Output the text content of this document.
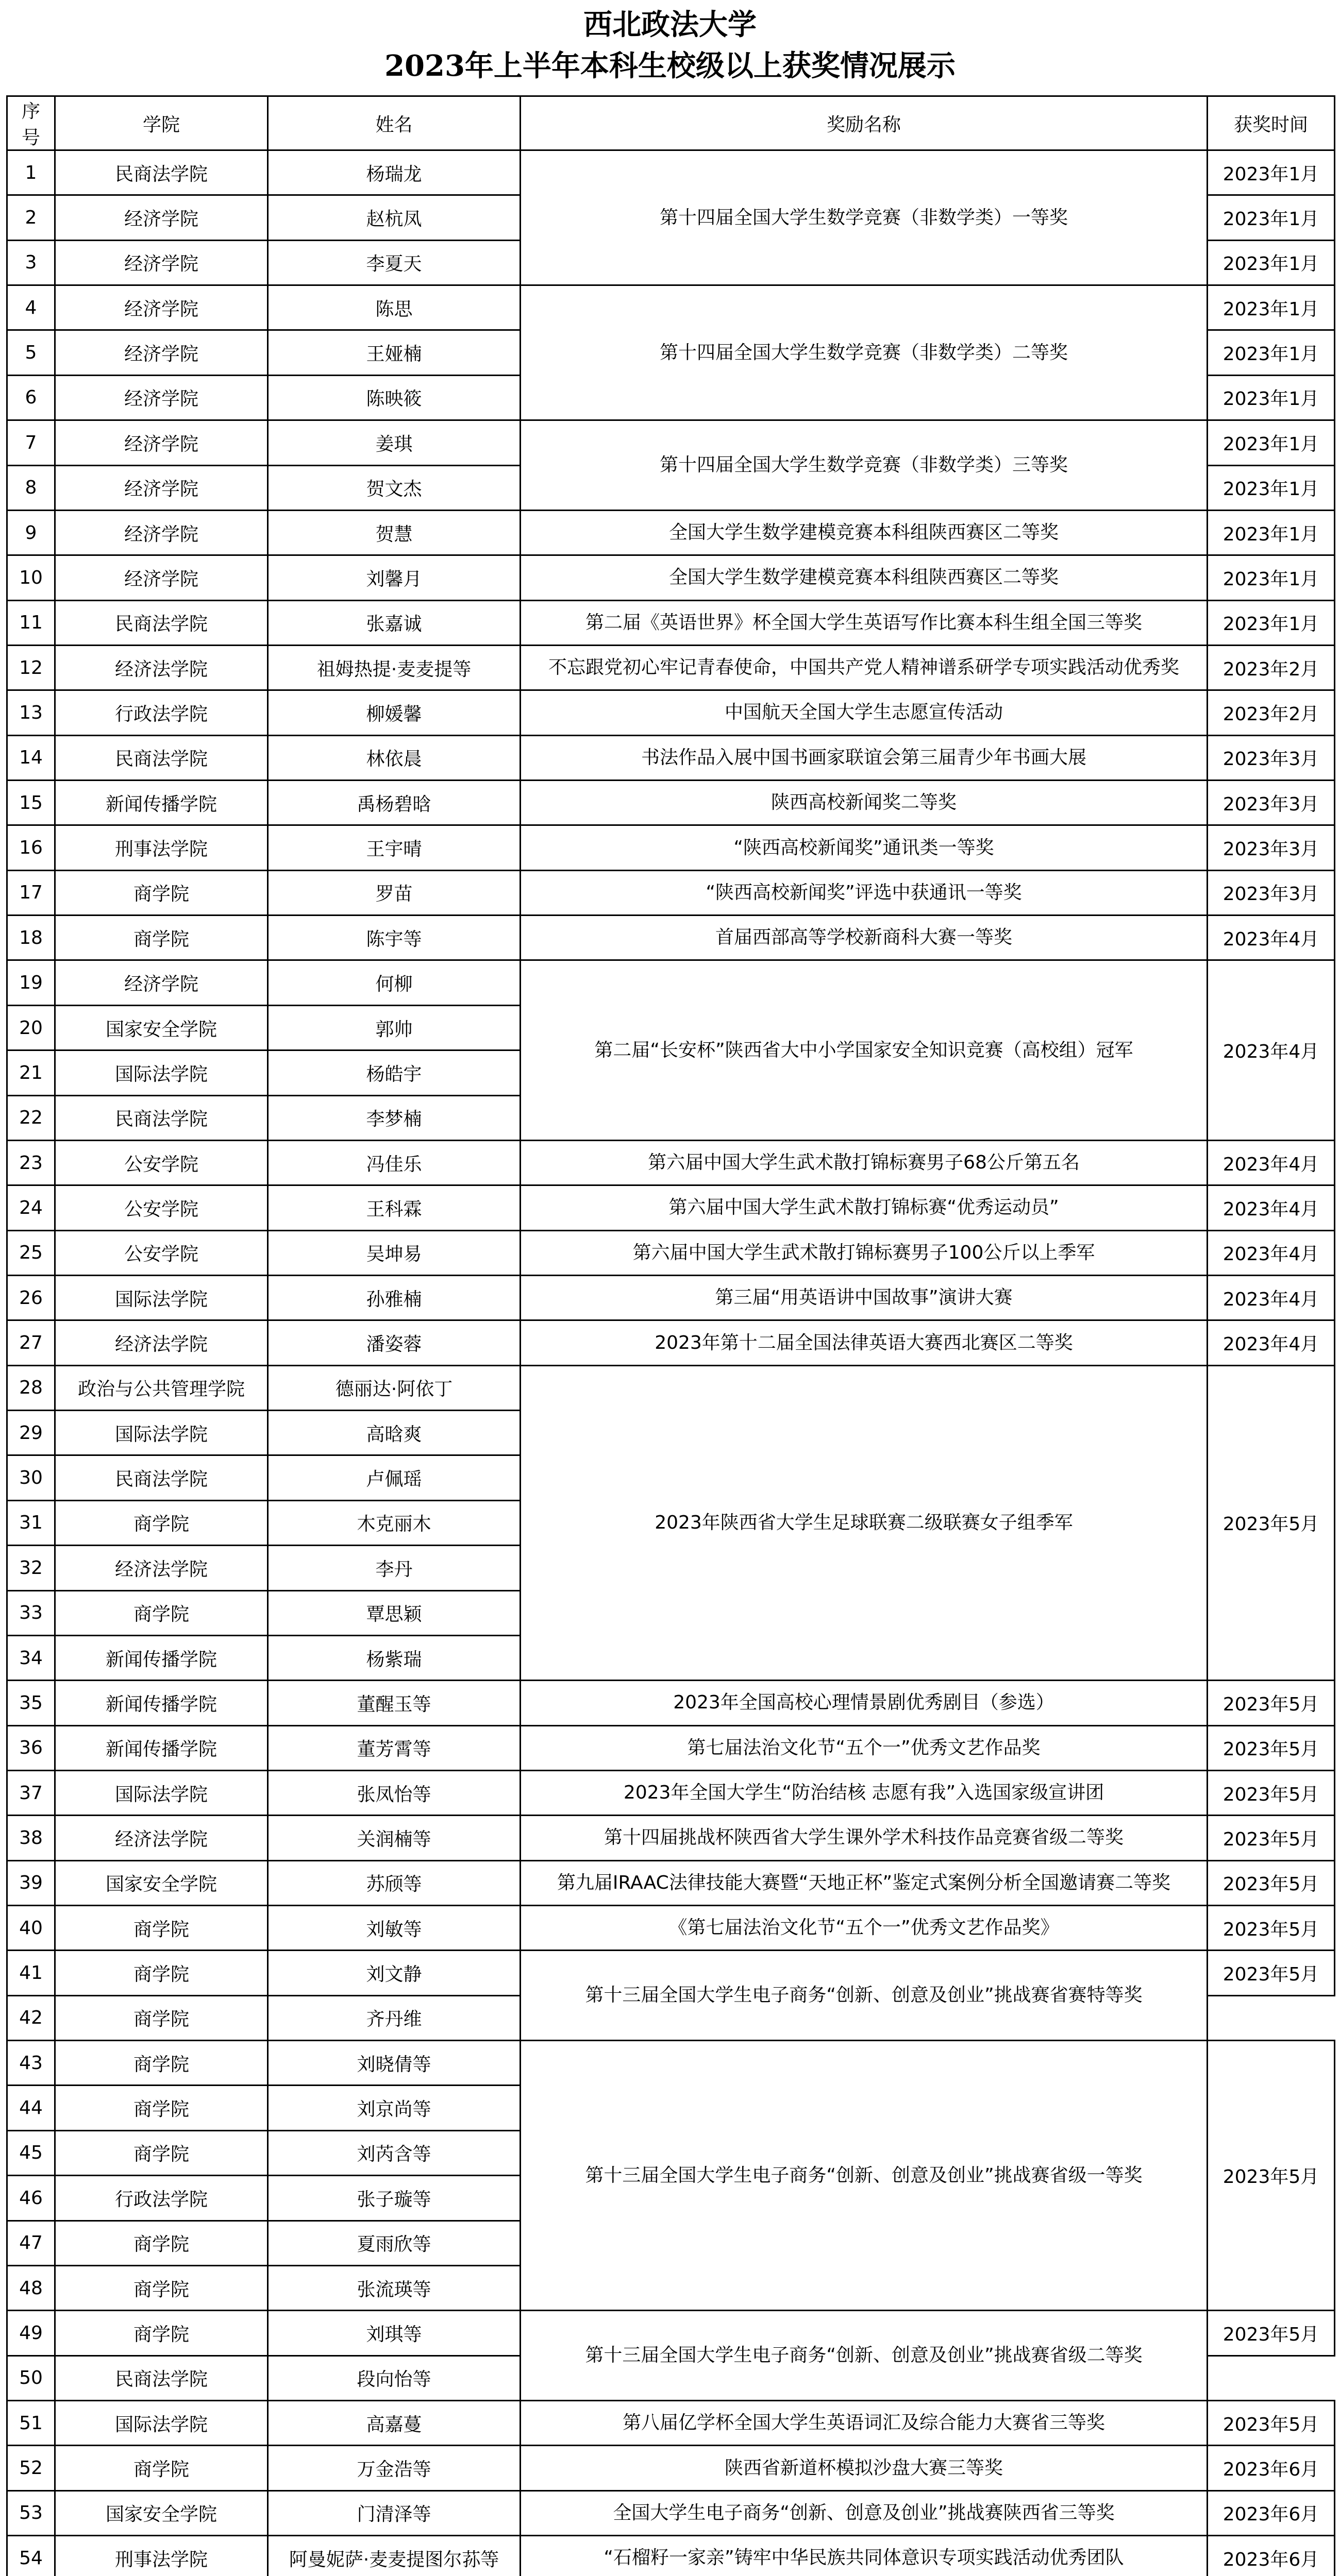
西北政法大学
2023年上半年本科生校级以上获奖情况展示
序号	学院	姓名	奖励名称	获奖时间
1	民商法学院	杨瑞龙	第十四届全国大学生数学竞赛（非数学类）一等奖	2023年1月
2	经济学院	赵杭凤		2023年1月
3	经济学院	李夏天		2023年1月
4	经济学院	陈思	第十四届全国大学生数学竞赛（非数学类）二等奖	2023年1月
5	经济学院	王娅楠		2023年1月
6	经济学院	陈映筱		2023年1月
7	经济学院	姜琪	第十四届全国大学生数学竞赛（非数学类）三等奖	2023年1月
8	经济学院	贺文杰		2023年1月
9	经济学院	贺慧	全国大学生数学建模竞赛本科组陕西赛区二等奖	2023年1月
10	经济学院	刘馨月	全国大学生数学建模竞赛本科组陕西赛区二等奖	2023年1月
11	民商法学院	张嘉诚	第二届《英语世界》杯全国大学生英语写作比赛本科生组全国三等奖	2023年1月
12	经济法学院	祖姆热提·麦麦提等	不忘跟党初心牢记青春使命，中国共产党人精神谱系研学专项实践活动优秀奖	2023年2月
13	行政法学院	柳媛馨	中国航天全国大学生志愿宣传活动	2023年2月
14	民商法学院	林依晨	书法作品入展中国书画家联谊会第三届青少年书画大展	2023年3月
15	新闻传播学院	禹杨碧晗	陕西高校新闻奖二等奖	2023年3月
16	刑事法学院	王宇晴	“陕西高校新闻奖”通讯类一等奖	2023年3月
17	商学院	罗苗	“陕西高校新闻奖”评选中获通讯一等奖	2023年3月
18	商学院	陈宇等	首届西部高等学校新商科大赛一等奖	2023年4月
19	经济学院	何柳	第二届“长安杯”陕西省大中小学国家安全知识竞赛（高校组）冠军	2023年4月
20	国家安全学院	郭帅		
21	国际法学院	杨皓宇		
22	民商法学院	李梦楠		
23	公安学院	冯佳乐	第六届中国大学生武术散打锦标赛男子68公斤第五名	2023年4月
24	公安学院	王科霖	第六届中国大学生武术散打锦标赛“优秀运动员”	2023年4月
25	公安学院	吴坤易	第六届中国大学生武术散打锦标赛男子100公斤以上季军	2023年4月
26	国际法学院	孙雅楠	第三届“用英语讲中国故事”演讲大赛	2023年4月
27	经济法学院	潘姿蓉	2023年第十二届全国法律英语大赛西北赛区二等奖	2023年4月
28	政治与公共管理学院	德丽达·阿依丁	2023年陕西省大学生足球联赛二级联赛女子组季军	2023年5月
29	国际法学院	高晗爽		
30	民商法学院	卢佩瑶		
31	商学院	木克丽木		
32	经济法学院	李丹		
33	商学院	覃思颖		
34	新闻传播学院	杨紫瑞		
35	新闻传播学院	董醒玉等	2023年全国高校心理情景剧优秀剧目（参选）	2023年5月
36	新闻传播学院	董芳霄等	第七届法治文化节“五个一”优秀文艺作品奖	2023年5月
37	国际法学院	张凤怡等	2023年全国大学生“防治结核 志愿有我”入选国家级宣讲团	2023年5月
38	经济法学院	关润楠等	第十四届挑战杯陕西省大学生课外学术科技作品竞赛省级二等奖	2023年5月
39	国家安全学院	苏颀等	第九届IRAAC法律技能大赛暨“天地正杯”鉴定式案例分析全国邀请赛二等奖	2023年5月
40	商学院	刘敏等	《第七届法治文化节“五个一”优秀文艺作品奖》	2023年5月
41	商学院	刘文静	第十三届全国大学生电子商务“创新、创意及创业”挑战赛省赛特等奖	2023年5月
42	商学院	齐丹维		
43	商学院	刘晓倩等	第十三届全国大学生电子商务“创新、创意及创业”挑战赛省级一等奖	2023年5月
44	商学院	刘京尚等		
45	商学院	刘芮含等		
46	行政法学院	张子璇等		
47	商学院	夏雨欣等		
48	商学院	张流瑛等		
49	商学院	刘琪等	第十三届全国大学生电子商务“创新、创意及创业”挑战赛省级二等奖	2023年5月
50	民商法学院	段向怡等		
51	国际法学院	高嘉蔓	第八届亿学杯全国大学生英语词汇及综合能力大赛省三等奖	2023年5月
52	商学院	万金浩等	陕西省新道杯模拟沙盘大赛三等奖	2023年6月
53	国家安全学院	门清泽等	全国大学生电子商务“创新、创意及创业”挑战赛陕西省三等奖	2023年6月
54	刑事法学院	阿曼妮萨·麦麦提图尔荪等	“石榴籽一家亲”铸牢中华民族共同体意识专项实践活动优秀团队	2023年6月
